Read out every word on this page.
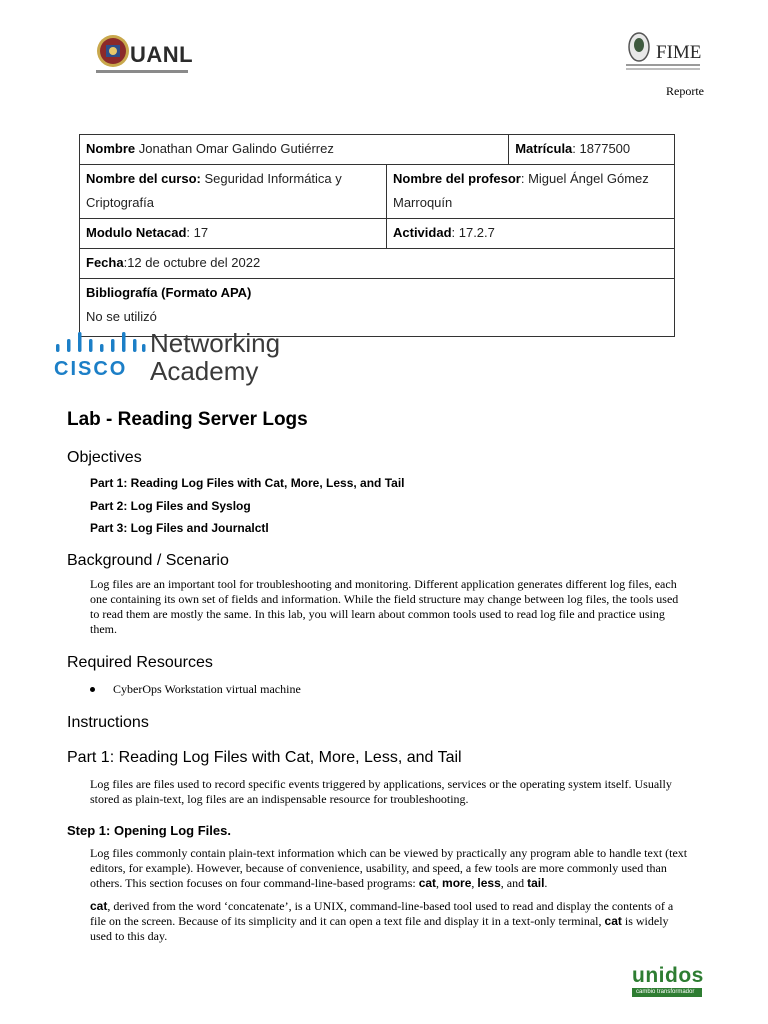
UANL	FIME
Reporte
Nombre Jonathan Omar Galindo Gutiérrez		Matrícula: 1877500
Nombre del curso: Seguridad Informática y Criptografía	Nombre del profesor: Miguel Ángel Gómez Marroquín	
Modulo Netacad: 17	Actividad: 17.2.7	
Fecha:12 de octubre del 2022		
Bibliografía (Formato APA)
No se utilizó		
CISCO
Networking
Academy
Lab - Reading Server Logs
Objectives
Part 1: Reading Log Files with Cat, More, Less, and Tail
Part 2: Log Files and Syslog
Part 3: Log Files and Journalctl
Background / Scenario
Log files are an important tool for troubleshooting and monitoring. Different application generates different log files, each one containing its own set of fields and information. While the field structure may change between log files, the tools used to read them are mostly the same. In this lab, you will learn about common tools used to read log file and practice using them.
Required Resources
CyberOps Workstation virtual machine
Instructions
Part 1: Reading Log Files with Cat, More, Less, and Tail
Log files are files used to record specific events triggered by applications, services or the operating system itself. Usually stored as plain-text, log files are an indispensable resource for troubleshooting.
Step 1: Opening Log Files.
Log files commonly contain plain-text information which can be viewed by practically any program able to handle text (text editors, for example). However, because of convenience, usability, and speed, a few tools are more commonly used than others. This section focuses on four command-line-based programs: cat, more, less, and tail.
cat, derived from the word ‘concatenate’, is a UNIX, command-line-based tool used to read and display the contents of a file on the screen. Because of its simplicity and it can open a text file and display it in a text-only terminal, cat is widely used to this day.
unidos
cambio transformador
